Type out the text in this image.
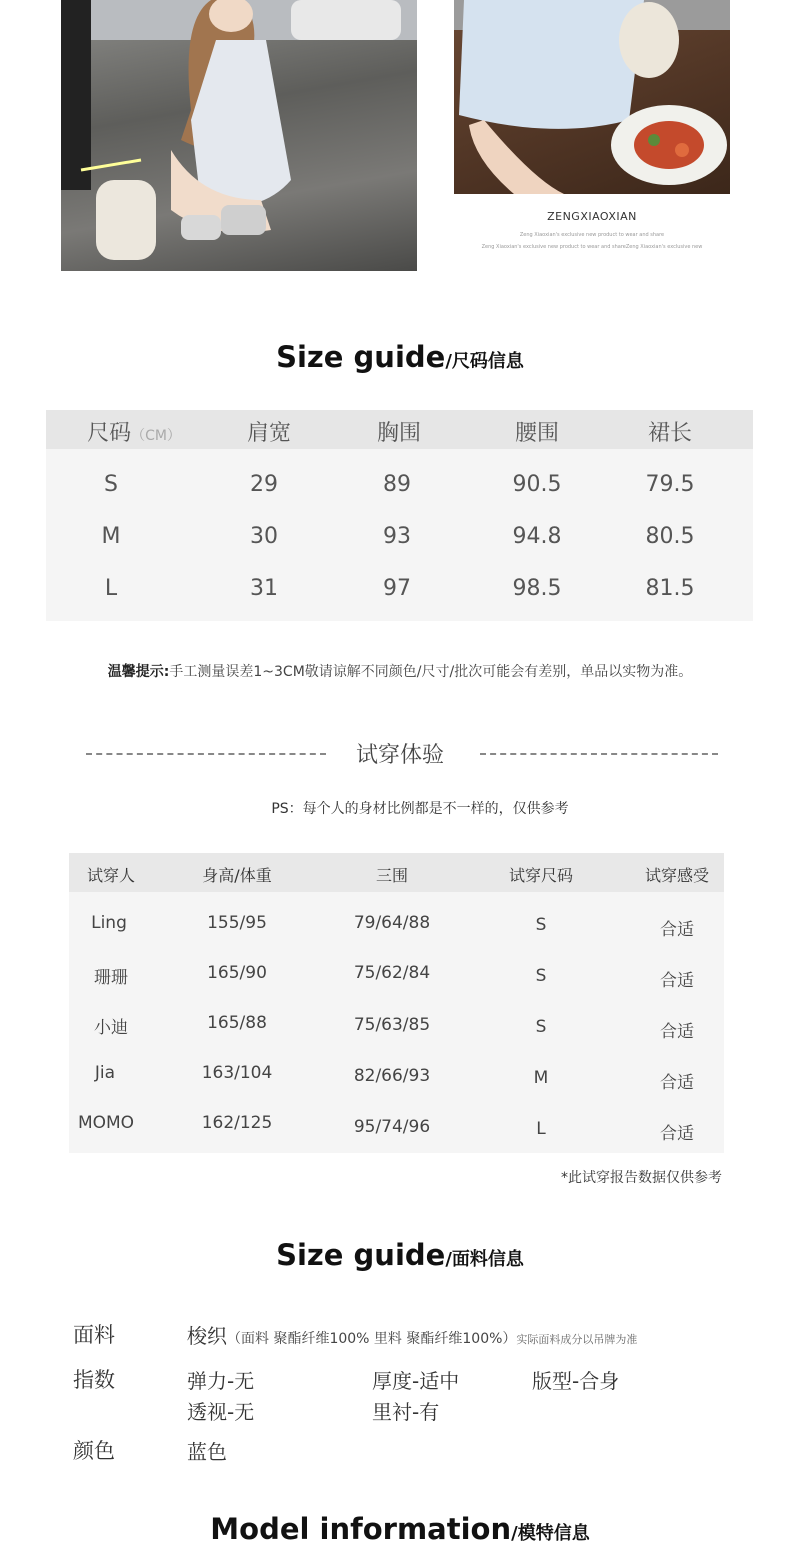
ZENGXIAOXIAN
Zeng Xiaoxian's exclusive new product to wear and share
Zeng Xiaoxian's exclusive new product to wear and shareZeng Xiaoxian's exclusive new
Size guide/尺码信息
尺码（CM）	肩宽	胸围	腰围	裙长
S	29	89	90.5	79.5
M	30	93	94.8	80.5
L	31	97	98.5	81.5
温馨提示:手工测量误差1~3CM敬请谅解不同颜色/尺寸/批次可能会有差别，单品以实物为准。
试穿体验
PS：每个人的身材比例都是不一样的，仅供参考
试穿人	身高/体重	三围	试穿尺码	试穿感受
Ling	155/95	79/64/88	S	合适
珊珊	165/90	75/62/84	S	合适
小迪	165/88	75/63/85	S	合适
Jia	163/104	82/66/93	M	合适
MOMO	162/125	95/74/96	L	合适
*此试穿报告数据仅供参考
Size guide/面料信息
面料	梭织（面料 聚酯纤维100% 里料 聚酯纤维100%）实际面料成分以吊牌为准
指数	弹力-无	厚度-适中	版型-合身
透视-无	里衬-有
颜色	蓝色
Model information/模特信息
